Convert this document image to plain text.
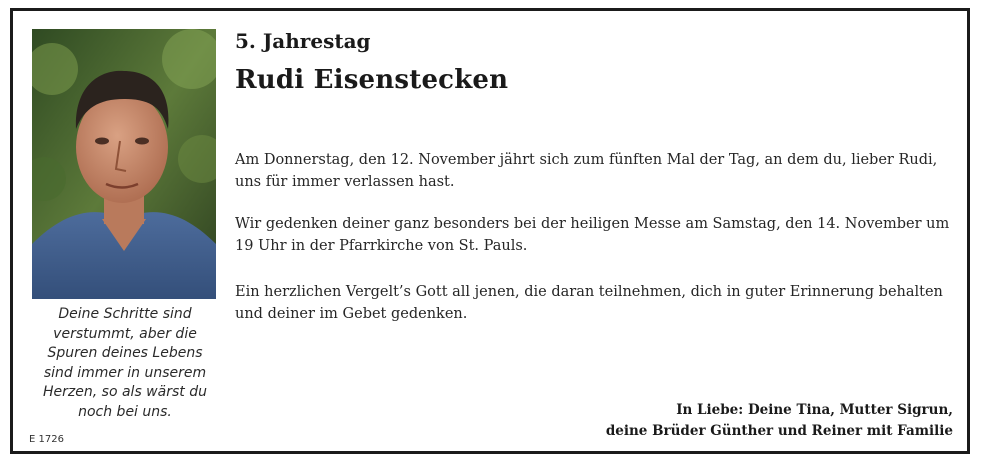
Deine Schritte sind
verstummt, aber die
Spuren deines Lebens
sind immer in unserem
Herzen, so als wärst du
noch bei uns.
E 1726
5. Jahrestag
Rudi Eisenstecken
Am Donnerstag, den 12. November jährt sich zum fünften Mal der Tag, an dem du, lieber Rudi,
uns für immer verlassen hast.
Wir gedenken deiner ganz besonders bei der heiligen Messe am Samstag, den 14. November um
19 Uhr in der Pfarrkirche von St. Pauls.
Ein herzlichen Vergelt’s Gott all jenen, die daran teilnehmen, dich in guter Erinnerung behalten
und deiner im Gebet gedenken.
In Liebe: Deine Tina, Mutter Sigrun,
deine Brüder Günther und Reiner mit Familie
